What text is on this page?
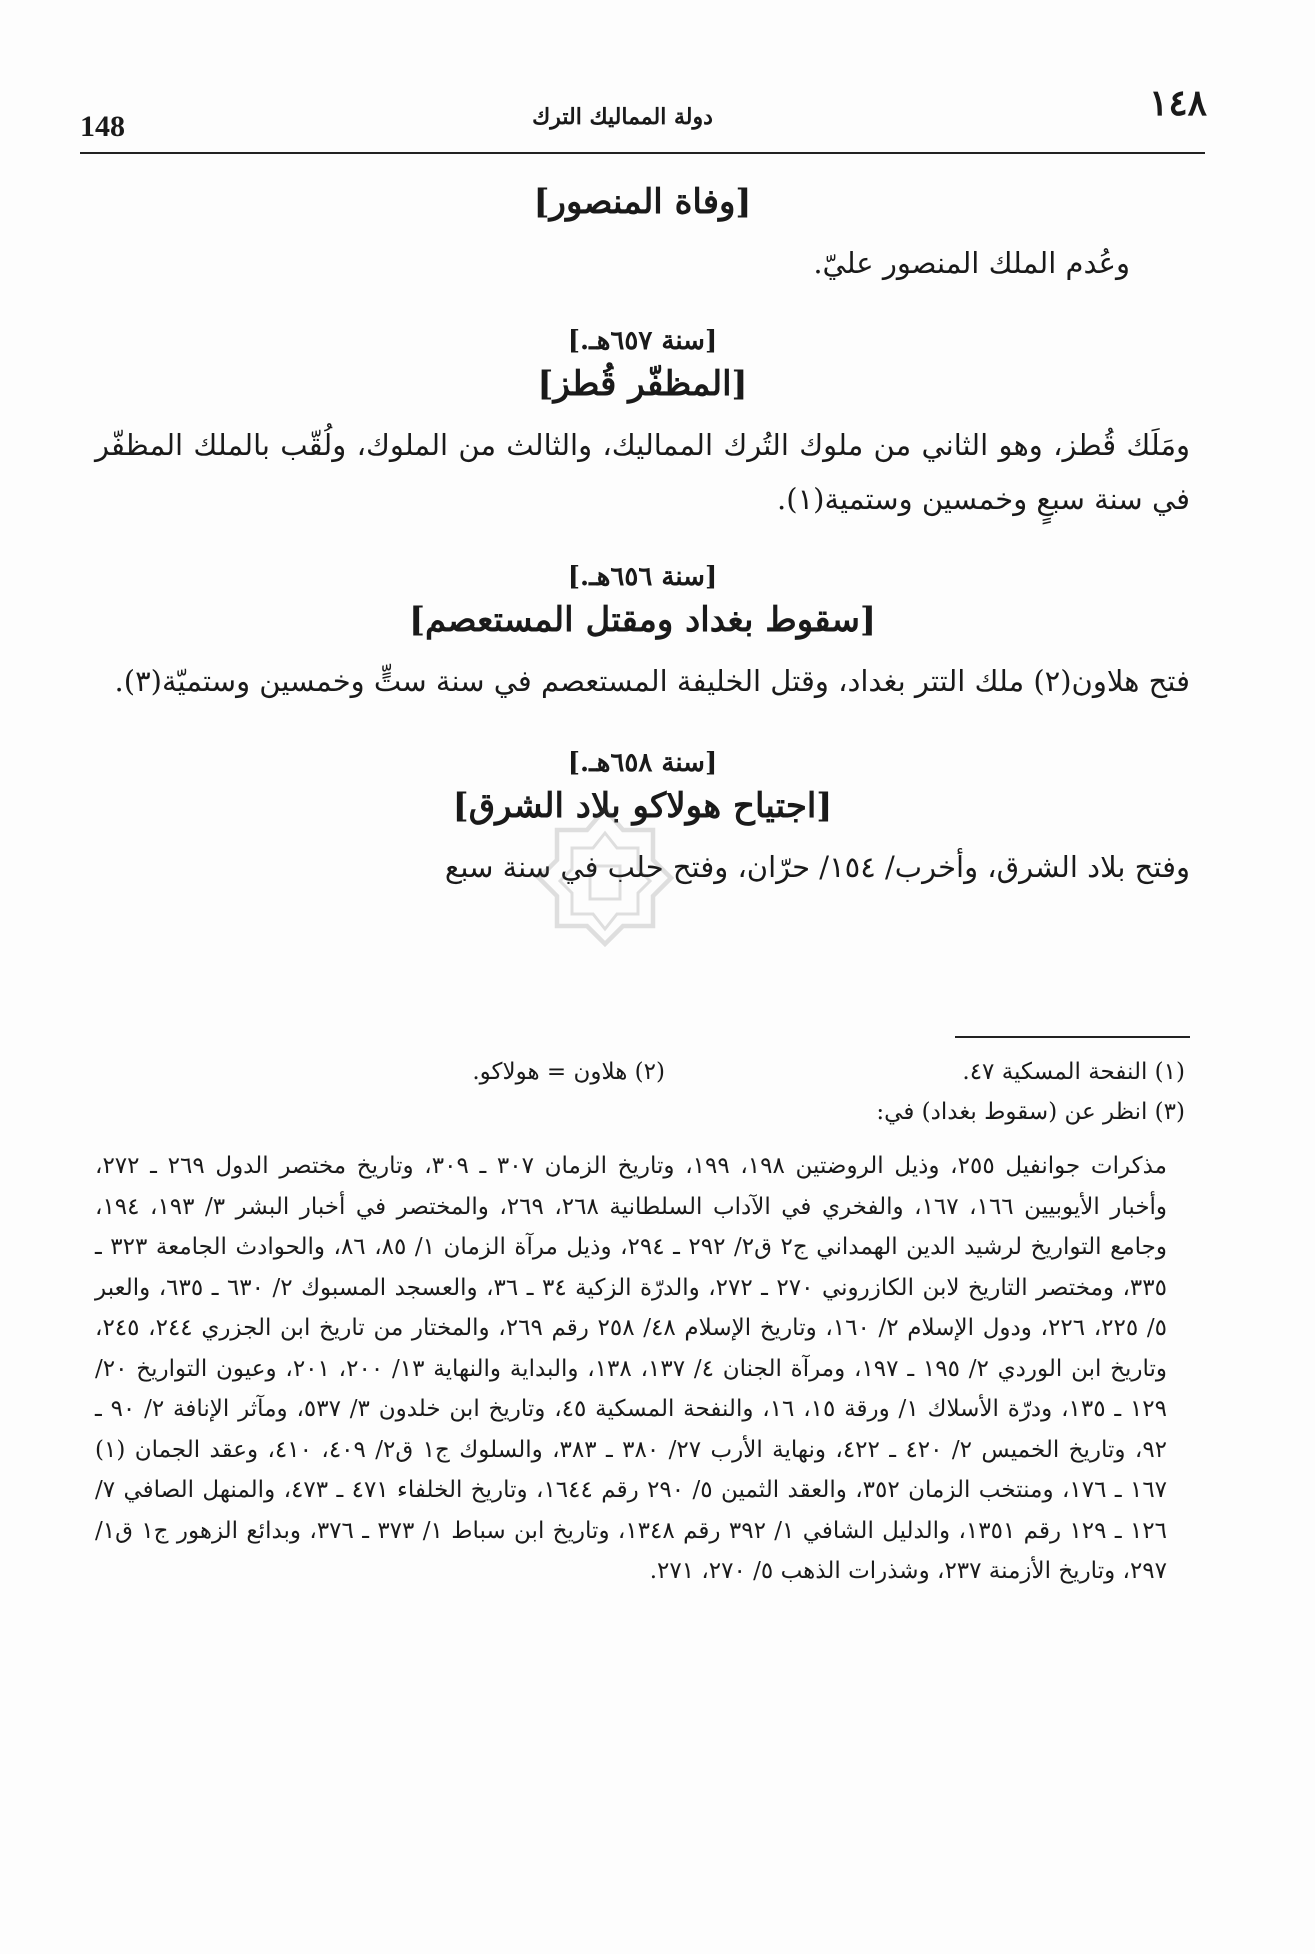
148	دولة المماليك الترك	١٤٨
[وفاة المنصور]

وعُدم الملك المنصور عليّ.

[سنة ٦٥٧هـ.]
[المظفّر قُطز]

ومَلَك قُطز، وهو الثاني من ملوك التُرك المماليك، والثالث من الملوك، ولُقّب بالملك المظفّر في سنة سبعٍ وخمسين وستمية(١).

[سنة ٦٥٦هـ.]
[سقوط بغداد ومقتل المستعصم]

فتح هلاون(٢) ملك التتر بغداد، وقتل الخليفة المستعصم في سنة ستٍّ وخمسين وستميّة(٣).

[سنة ٦٥٨هـ.]
[اجتياح هولاكو بلاد الشرق]

وفتح بلاد الشرق، وأخرب/ ١٥٤/ حرّان، وفتح حلب في سنة سبع

(١) النفحة المسكية ٤٧.
(٢) هلاون = هولاكو.
(٣) انظر عن (سقوط بغداد) في:
مذكرات جوانفيل ٢٥٥، وذيل الروضتين ١٩٨، ١٩٩، وتاريخ الزمان ٣٠٧ ـ ٣٠٩، وتاريخ مختصر الدول ٢٦٩ ـ ٢٧٢، وأخبار الأيوبيين ١٦٦، ١٦٧، والفخري في الآداب السلطانية ٢٦٨، ٢٦٩، والمختصر في أخبار البشر ٣/ ١٩٣، ١٩٤، وجامع التواريخ لرشيد الدين الهمداني ج٢ ق٢/ ٢٩٢ ـ ٢٩٤، وذيل مرآة الزمان ١/ ٨٥، ٨٦، والحوادث الجامعة ٣٢٣ ـ ٣٣٥، ومختصر التاريخ لابن الكازروني ٢٧٠ ـ ٢٧٢، والدرّة الزكية ٣٤ ـ ٣٦، والعسجد المسبوك ٢/ ٦٣٠ ـ ٦٣٥، والعبر ٥/ ٢٢٥، ٢٢٦، ودول الإسلام ٢/ ١٦٠، وتاريخ الإسلام ٤٨/ ٢٥٨ رقم ٢٦٩، والمختار من تاريخ ابن الجزري ٢٤٤، ٢٤٥، وتاريخ ابن الوردي ٢/ ١٩٥ ـ ١٩٧، ومرآة الجنان ٤/ ١٣٧، ١٣٨، والبداية والنهاية ١٣/ ٢٠٠، ٢٠١، وعيون التواريخ ٢٠/ ١٢٩ ـ ١٣٥، ودرّة الأسلاك ١/ ورقة ١٥، ١٦، والنفحة المسكية ٤٥، وتاريخ ابن خلدون ٣/ ٥٣٧، ومآثر الإنافة ٢/ ٩٠ ـ ٩٢، وتاريخ الخميس ٢/ ٤٢٠ ـ ٤٢٢، ونهاية الأرب ٢٧/ ٣٨٠ ـ ٣٨٣، والسلوك ج١ ق٢/ ٤٠٩، ٤١٠، وعقد الجمان (١) ١٦٧ ـ ١٧٦، ومنتخب الزمان ٣٥٢، والعقد الثمين ٥/ ٢٩٠ رقم ١٦٤٤، وتاريخ الخلفاء ٤٧١ ـ ٤٧٣، والمنهل الصافي ٧/ ١٢٦ ـ ١٢٩ رقم ١٣٥١، والدليل الشافي ١/ ٣٩٢ رقم ١٣٤٨، وتاريخ ابن سباط ١/ ٣٧٣ ـ ٣٧٦، وبدائع الزهور ج١ ق١/ ٢٩٧، وتاريخ الأزمنة ٢٣٧، وشذرات الذهب ٥/ ٢٧٠، ٢٧١.
